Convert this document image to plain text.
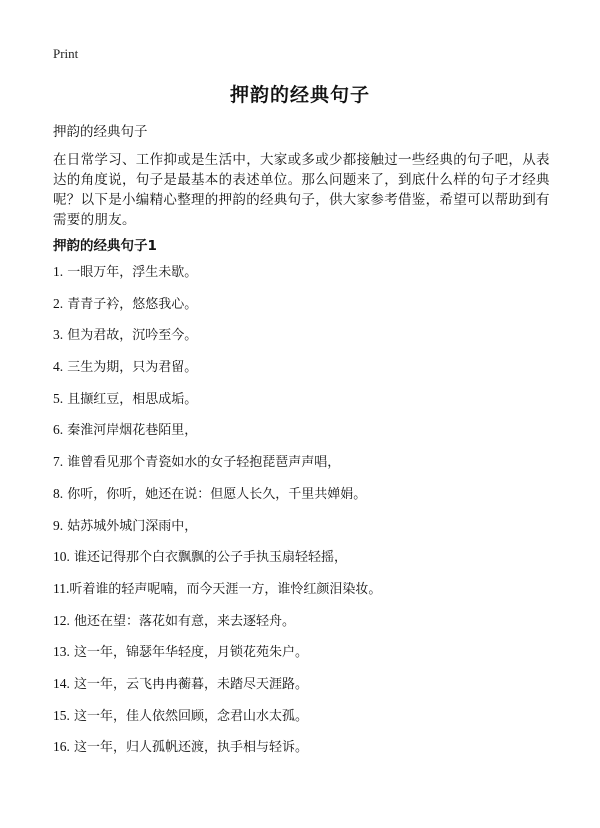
Print
押韵的经典句子

押韵的经典句子

在日常学习、工作抑或是生活中，大家或多或少都接触过一些经典的句子吧，从表达的角度说，句子是最基本的表述单位。那么问题来了，到底什么样的句子才经典呢？以下是小编精心整理的押韵的经典句子，供大家参考借鉴，希望可以帮助到有需要的朋友。

押韵的经典句子1
1. 一眼万年，浮生未歇。
2. 青青子衿，悠悠我心。
3. 但为君故，沉吟至今。
4. 三生为期，只为君留。
5. 且撷红豆，相思成垢。
6. 秦淮河岸烟花巷陌里，
7. 谁曾看见那个青瓷如水的女子轻抱琵琶声声唱，
8. 你听，你听，她还在说：但愿人长久，千里共婵娟。
9. 姑苏城外城门深雨中，
10. 谁还记得那个白衣飘飘的公子手执玉扇轻轻摇，
11.听着谁的轻声呢喃，而今天涯一方，谁怜红颜泪染妆。
12. 他还在望：落花如有意，来去逐轻舟。
13. 这一年，锦瑟年华轻度，月锁花苑朱户。
14. 这一年，云飞冉冉蘅暮，未踏尽天涯路。
15. 这一年，佳人依然回顾，念君山水太孤。
16. 这一年，归人孤帆还渡，执手相与轻诉。
